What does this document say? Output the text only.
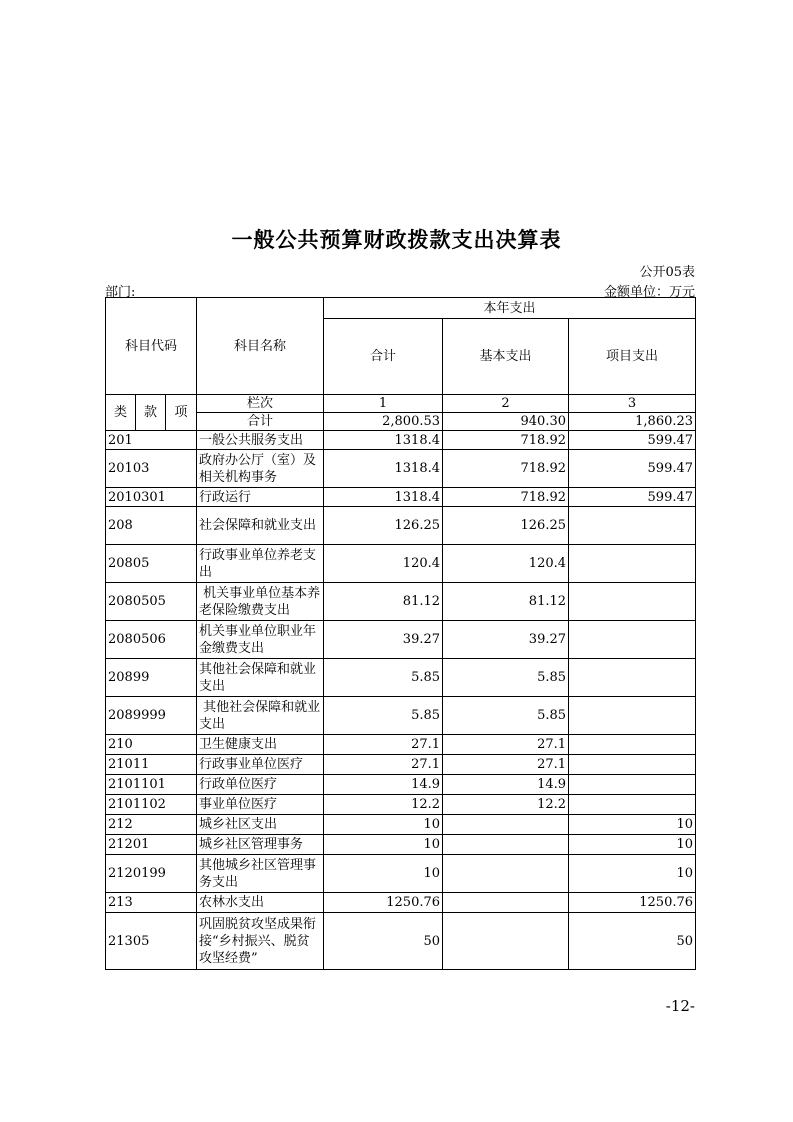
一般公共预算财政拨款支出决算表
公开05表
部门:	金额单位：万元
科目代码			科目名称	本年支出		
				合计	基本支出	项目支出
类	款	项	栏次	1	2	3
			合计	2,800.53	940.30	1,860.23
201			一般公共服务支出	1318.4	718.92	599.47
20103			政府办公厅（室）及相关机构事务	1318.4	718.92	599.47
2010301			行政运行	1318.4	718.92	599.47
208			社会保障和就业支出	126.25	126.25	
20805			行政事业单位养老支出	120.4	120.4	
2080505			机关事业单位基本养老保险缴费支出	81.12	81.12	
2080506			机关事业单位职业年金缴费支出	39.27	39.27	
20899			其他社会保障和就业支出	5.85	5.85	
2089999			其他社会保障和就业支出	5.85	5.85	
210			卫生健康支出	27.1	27.1	
21011			行政事业单位医疗	27.1	27.1	
2101101			行政单位医疗	14.9	14.9	
2101102			事业单位医疗	12.2	12.2	
212			城乡社区支出	10		10
21201			城乡社区管理事务	10		10
2120199			其他城乡社区管理事务支出	10		10
213			农林水支出	1250.76		1250.76
21305			巩固脱贫攻坚成果衔接“乡村振兴、脱贫攻坚经费”	50		50
-12-
